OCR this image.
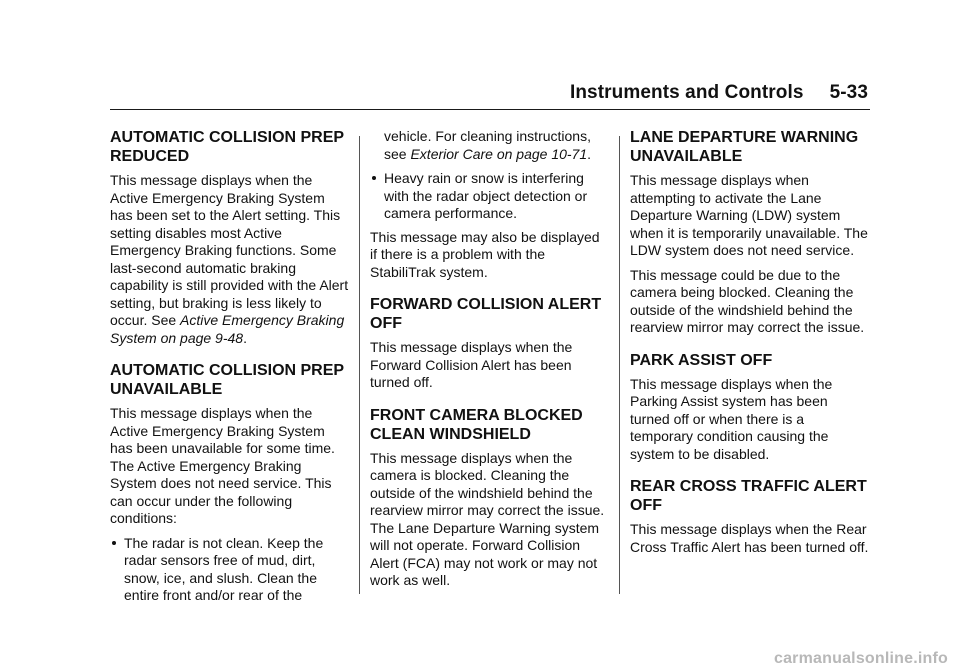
Instruments and Controls 5-33
AUTOMATIC COLLISION PREP REDUCED

This message displays when the Active Emergency Braking System has been set to the Alert setting. This setting disables most Active Emergency Braking functions. Some last-second automatic braking capability is still provided with the Alert setting, but braking is less likely to occur. See Active Emergency Braking System on page 9-48.

AUTOMATIC COLLISION PREP UNAVAILABLE

This message displays when the Active Emergency Braking System has been unavailable for some time. The Active Emergency Braking System does not need service. This can occur under the following conditions:

The radar is not clean. Keep the radar sensors free of mud, dirt, snow, ice, and slush. Clean the entire front and/or rear of the

vehicle. For cleaning instructions, see Exterior Care on page 10-71.

Heavy rain or snow is interfering with the radar object detection or camera performance.

This message may also be displayed if there is a problem with the StabiliTrak system.

FORWARD COLLISION ALERT OFF

This message displays when the Forward Collision Alert has been turned off.

FRONT CAMERA BLOCKED CLEAN WINDSHIELD

This message displays when the camera is blocked. Cleaning the outside of the windshield behind the rearview mirror may correct the issue. The Lane Departure Warning system will not operate. Forward Collision Alert (FCA) may not work or may not work as well.

LANE DEPARTURE WARNING UNAVAILABLE

This message displays when attempting to activate the Lane Departure Warning (LDW) system when it is temporarily unavailable. The LDW system does not need service.

This message could be due to the camera being blocked. Cleaning the outside of the windshield behind the rearview mirror may correct the issue.

PARK ASSIST OFF

This message displays when the Parking Assist system has been turned off or when there is a temporary condition causing the system to be disabled.

REAR CROSS TRAFFIC ALERT OFF

This message displays when the Rear Cross Traffic Alert has been turned off.

carmanualsonline.info
